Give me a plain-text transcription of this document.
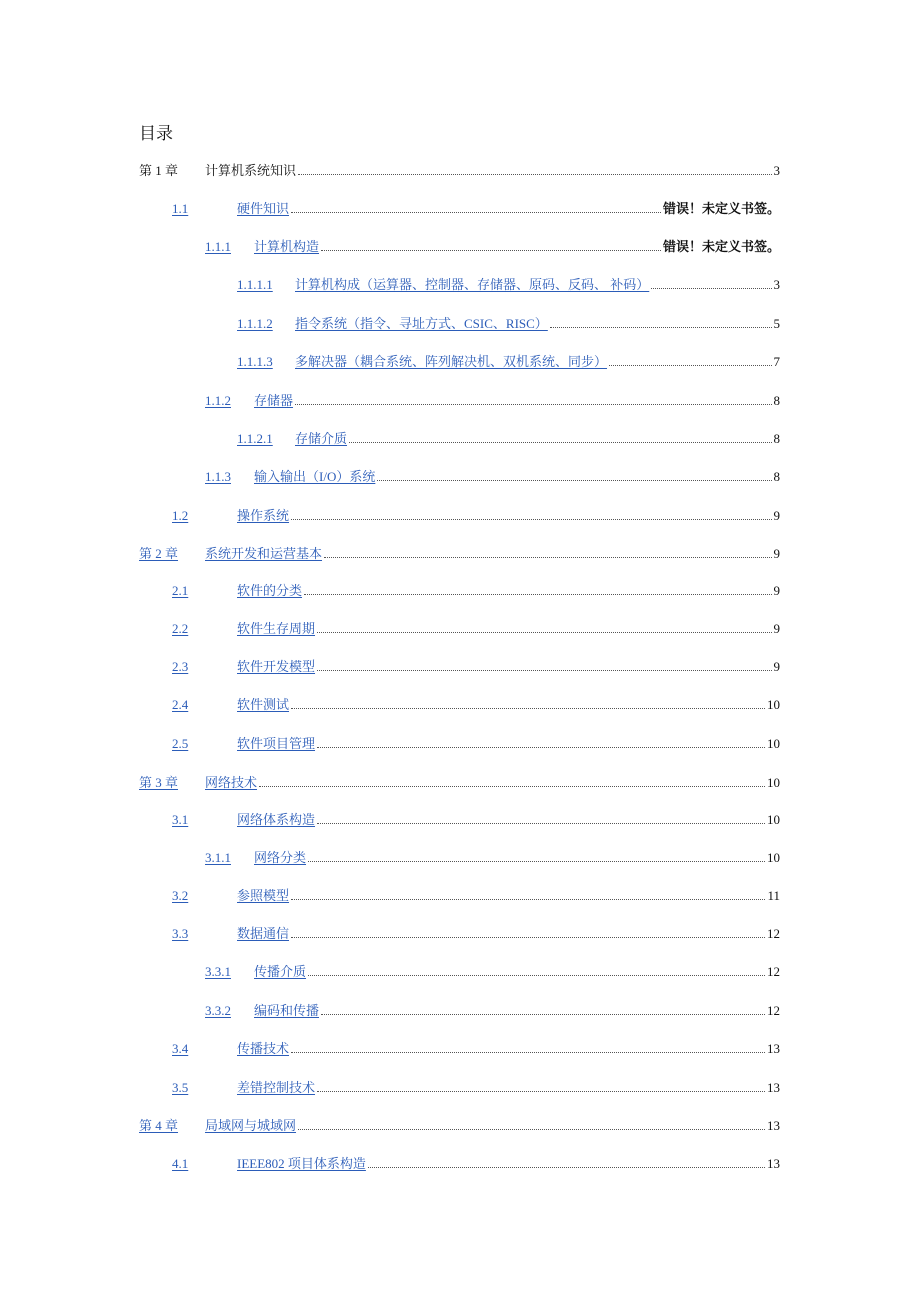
目录
第 1 章	计算机系统知识	3
1.1	硬件知识	错误！未定义书签。
1.1.1	计算机构造	错误！未定义书签。
1.1.1.1	计算机构成（运算器、控制器、存储器、原码、反码、 补码）	3
1.1.1.2	指令系统（指令、寻址方式、CSIC、RISC）	5
1.1.1.3	多解决器（耦合系统、阵列解决机、双机系统、同步）	7
1.1.2	存储器	8
1.1.2.1	存储介质	8
1.1.3	输入输出（I/O）系统	8
1.2	操作系统	9
第 2 章	系统开发和运营基本	9
2.1	软件的分类	9
2.2	软件生存周期	9
2.3	软件开发模型	9
2.4	软件测试	10
2.5	软件项目管理	10
第 3 章	网络技术	10
3.1	网络体系构造	10
3.1.1	网络分类	10
3.2	参照模型	11
3.3	数据通信	12
3.3.1	传播介质	12
3.3.2	编码和传播	12
3.4	传播技术	13
3.5	差错控制技术	13
第 4 章	局域网与城域网	13
4.1	IEEE802 项目体系构造	13
